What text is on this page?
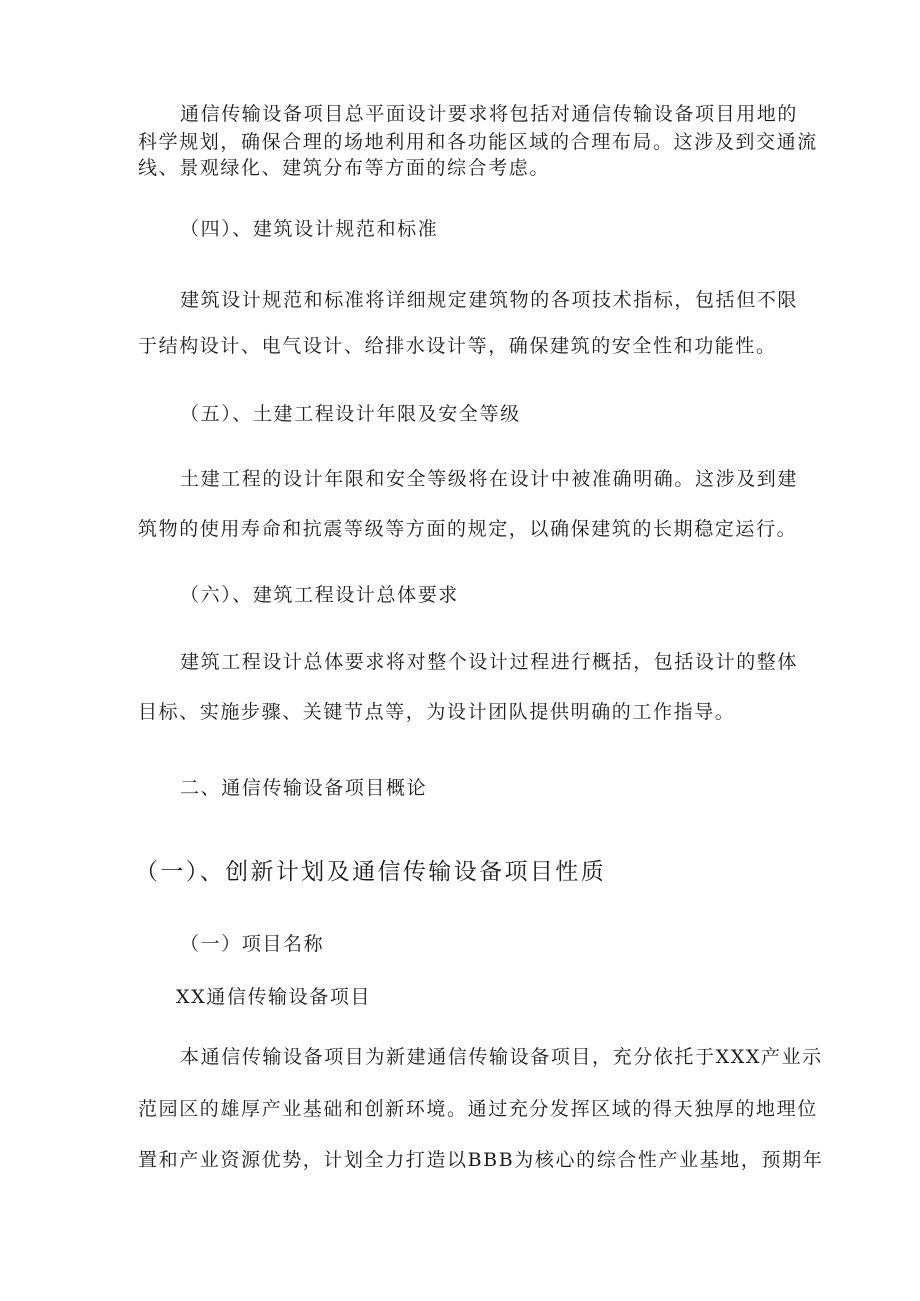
通信传输设备项目总平面设计要求将包括对通信传输设备项目用地的
科学规划，确保合理的场地利用和各功能区域的合理布局。这涉及到交通流
线、景观绿化、建筑分布等方面的综合考虑。
（四）、建筑设计规范和标准
建筑设计规范和标准将详细规定建筑物的各项技术指标，包括但不限
于结构设计、电气设计、给排水设计等，确保建筑的安全性和功能性。
（五）、土建工程设计年限及安全等级
土建工程的设计年限和安全等级将在设计中被准确明确。这涉及到建
筑物的使用寿命和抗震等级等方面的规定，以确保建筑的长期稳定运行。
（六）、建筑工程设计总体要求
建筑工程设计总体要求将对整个设计过程进行概括，包括设计的整体
目标、实施步骤、关键节点等，为设计团队提供明确的工作指导。
二、通信传输设备项目概论
（一）、创新计划及通信传输设备项目性质
（一）项目名称
XX通信传输设备项目
本通信传输设备项目为新建通信传输设备项目，充分依托于XXX产业示
范园区的雄厚产业基础和创新环境。通过充分发挥区域的得天独厚的地理位
置和产业资源优势，计划全力打造以BBB为核心的综合性产业基地，预期年
